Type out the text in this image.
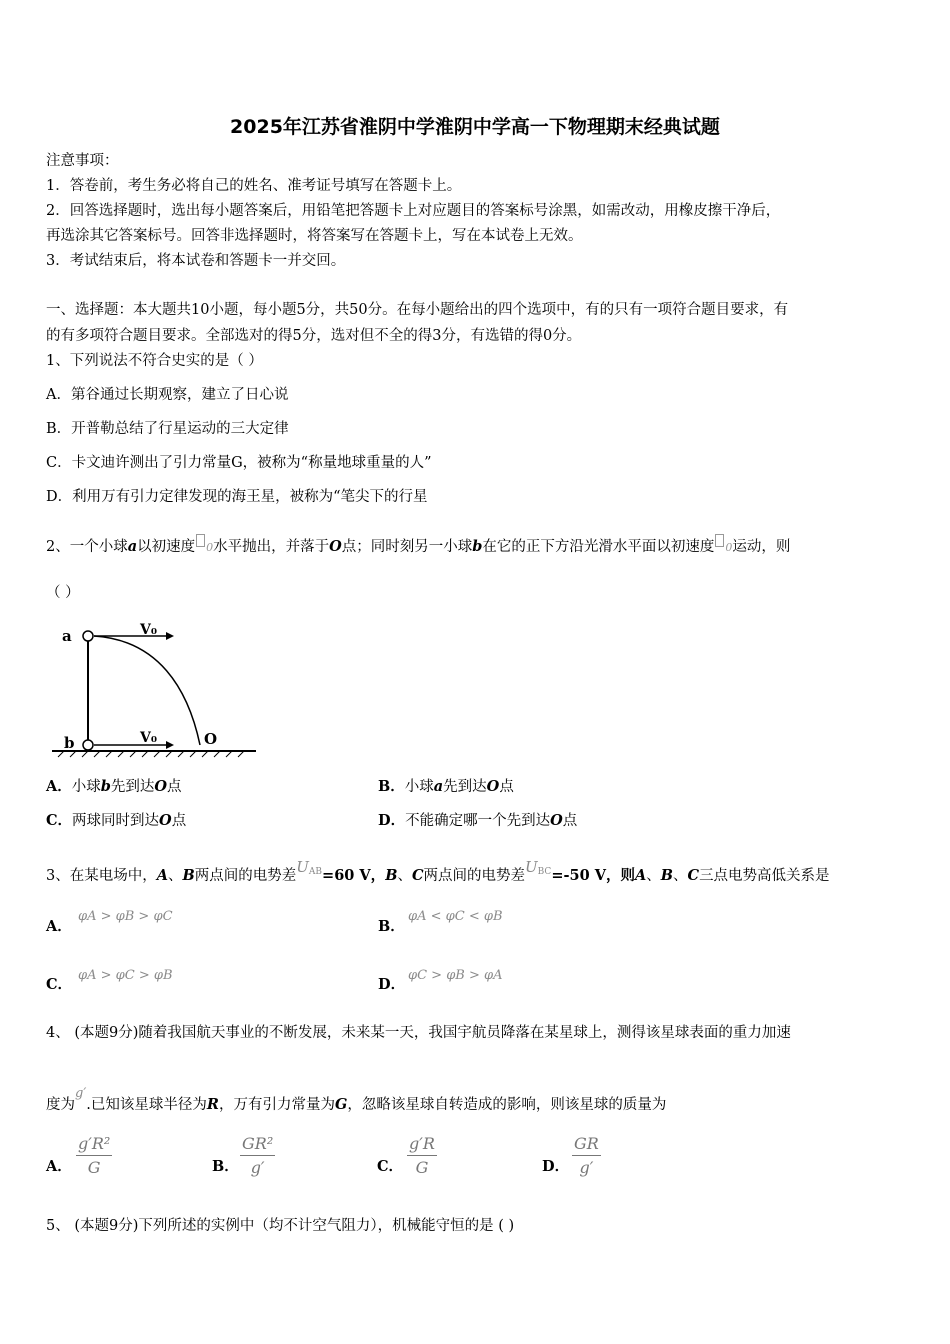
2025年江苏省淮阴中学淮阴中学高一下物理期末经典试题
注意事项：
1．答卷前，考生务必将自己的姓名、准考证号填写在答题卡上。
2．回答选择题时，选出每小题答案后，用铅笔把答题卡上对应题目的答案标号涂黑，如需改动，用橡皮擦干净后，
再选涂其它答案标号。回答非选择题时，将答案写在答题卡上，写在本试卷上无效。
3．考试结束后，将本试卷和答题卡一并交回。
一、选择题：本大题共10小题，每小题5分，共50分。在每小题给出的四个选项中，有的只有一项符合题目要求，有
的有多项符合题目要求。全部选对的得5分，选对但不全的得3分，有选错的得0分。
1、下列说法不符合史实的是（ ）
A．第谷通过长期观察，建立了日心说
B．开普勒总结了行星运动的三大定律
C．卡文迪许测出了引力常量G，被称为“称量地球重量的人”
D．利用万有引力定律发现的海王星，被称为“笔尖下的行星
2、一个小球a以初速度 0水平抛出，并落于O点；同时刻另一小球b在它的正下方沿光滑水平面以初速度 0运动，则
（ ）
a
b
V₀
V₀	O
A．小球b先到达O点	B．小球a先到达O点
C．两球同时到达O点	D．不能确定哪一个先到达O点
3、在某电场中，A、B两点间的电势差$U^{AB}=60$ V，B、C两点间的电势差$U^{BC}=-50$ V，则A、B、C三点电势高低关系是
A．
φA > φB > φC
B．
φA < φC < φB
C．
φA > φC > φB
D．
φC > φB > φA
4、 (本题9分)随着我国航天事业的不断发展，未来某一天，我国宇航员降落在某星球上，测得该星球表面的重力加速
度为g′.已知该星球半径为R，万有引力常量为G，忽略该星球自转造成的影响，则该星球的质量为
A． $\frac{\text{g′R²}}{G}$	B． $\frac{\text{GR²}}{g'}$	C． $\frac{g'R}{G}$	D． $\frac{GR}{g'}$
5、 (本题9分)下列所述的实例中（均不计空气阻力），机械能守恒的是 ( )
